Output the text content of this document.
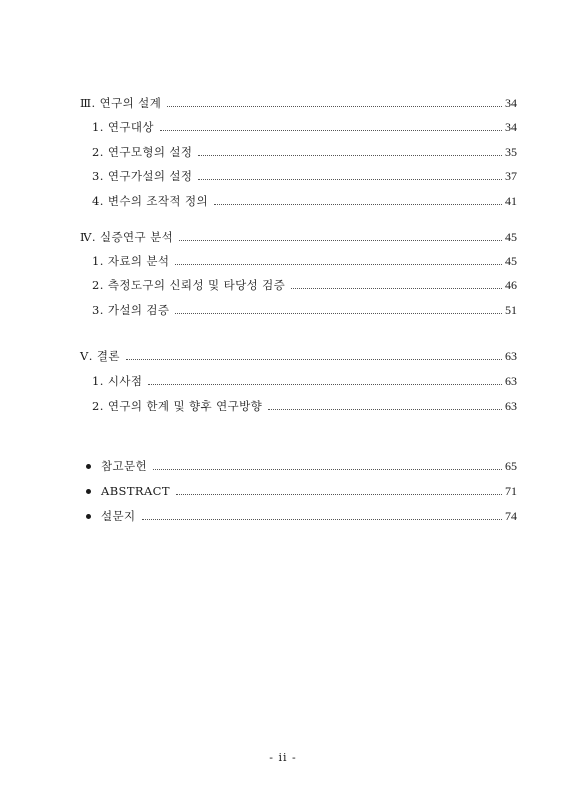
Ⅲ. 연구의 설계	34
1. 연구대상	34
2. 연구모형의 설정	35
3. 연구가설의 설정	37
4. 변수의 조작적 정의	41
Ⅳ. 실증연구 분석	45
1. 자료의 분석	45
2. 측정도구의 신뢰성 및 타당성 검증	46
3. 가설의 검증	51
Ⅴ. 결론	63
1. 시사점	63
2. 연구의 한계 및 향후 연구방향	63
참고문헌	65
ABSTRACT	71
설문지	74
- ii -
